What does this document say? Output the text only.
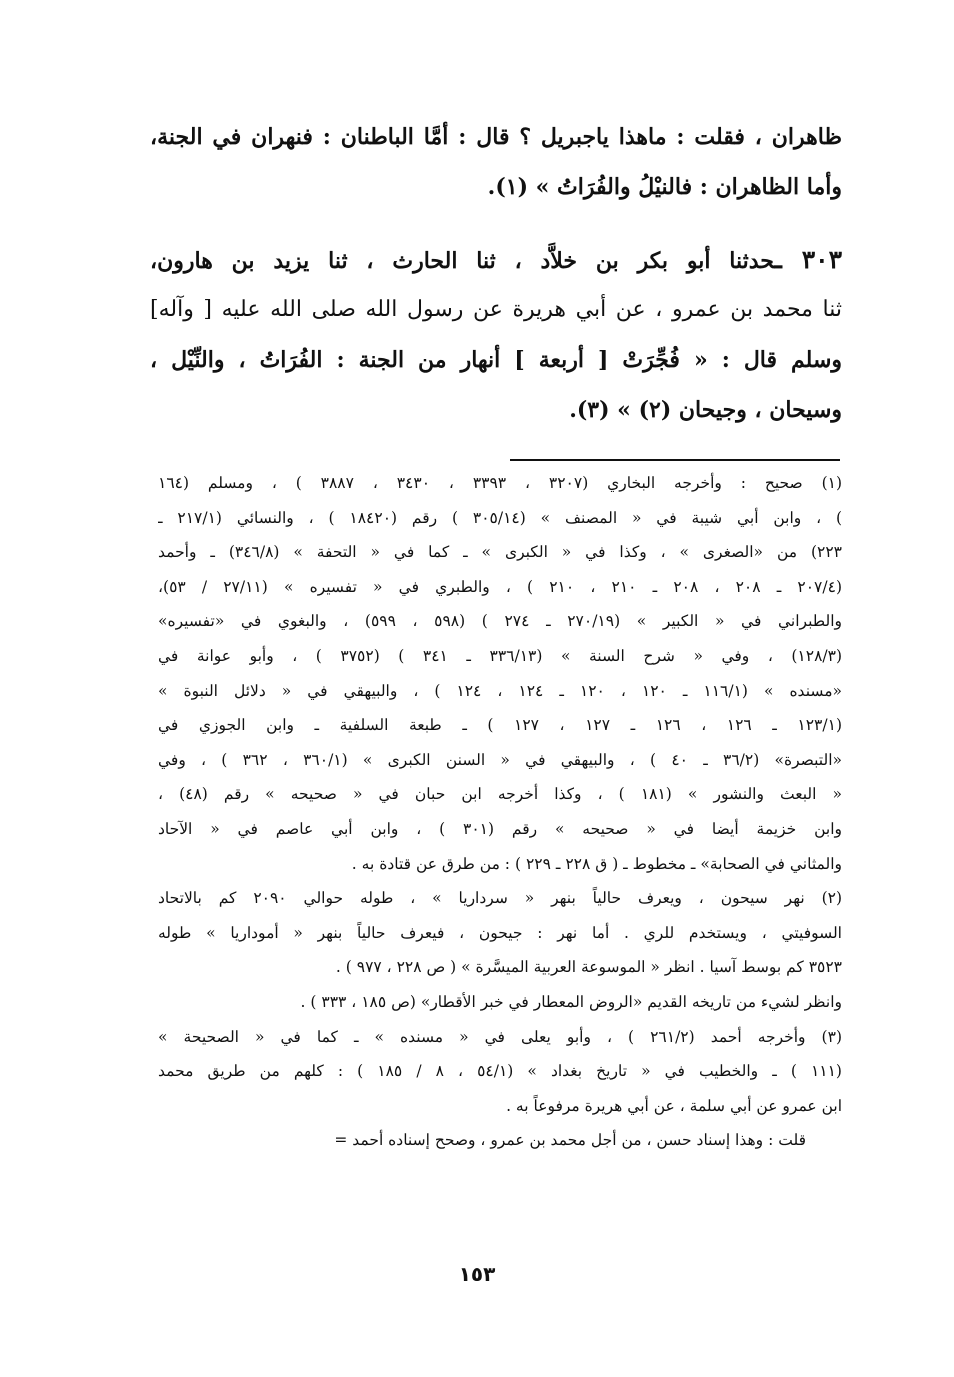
ظاهران ، فقلت : ماهذا ياجبريل ؟ قال : أمَّا الباطنان : فنهران في الجنة،
وأما الظاهران : فالنيْلُ والفُرَاتُ » (١).
٣٠٣ ـحدثنا أبو بكر بن خلاَّد ، ثنا الحارث ، ثنا يزيد بن هارون،
ثنا محمد بن عمرو ، عن أبي هريرة عن رسول الله صلى الله عليه [ وآله]
وسلم قال : « فُجِّرَتْ [ أربعة ] أنهار من الجنة : الفُرَاتُ ، والنِّيْل ،
وسيحان ، وجيحان (٢) » (٣).
(١) صحيح : وأخرجه البخاري (٣٢٠٧ ، ٣٣٩٣ ، ٣٤٣٠ ، ٣٨٨٧ ) ، ومسلم (١٦٤
) ، وابن أبي شيبة في « المصنف » (٣٠٥/١٤ ) رقم (١٨٤٢٠ ) ، والنسائي (٢١٧/١ ـ
٢٢٣) من «الصغرى » ، وكذا في « الكبرى » ـ كما في « التحفة » (٣٤٦/٨) ـ وأحمد
(٢٠٧/٤ ـ ٢٠٨ ، ٢٠٨ ـ ٢١٠ ، ٢١٠ ) ، والطبري في « تفسيره » (٢٧/١١ / ٥٣)،
والطبراني في « الكبير » (٢٧٠/١٩ ـ ٢٧٤ ) (٥٩٨ ، ٥٩٩) ، والبغوي في «تفسيره»
(١٢٨/٣) ، وفي « شرح السنة » (٣٣٦/١٣ ـ ٣٤١ ) (٣٧٥٢ ) ، وأبو عوانة في
«مسنده » (١١٦/١ ـ ١٢٠ ، ١٢٠ ـ ١٢٤ ، ١٢٤ ) ، والبيهقي في « دلائل النبوة »
(١٢٣/١ ـ ١٢٦ ، ١٢٦ ـ ١٢٧ ، ١٢٧ ) ـ طبعة السلفية ـ وابن الجوزي في
«التبصرة» (٣٦/٢ ـ ٤٠ ) ، والبيهقي في « السنن الكبرى » (٣٦٠/١ ، ٣٦٢ ) ، وفي
« البعث والنشور » (١٨١ ) ، وكذا أخرجه ابن حبان في « صحيحه » رقم (٤٨) ،
وابن خزيمة أيضا في « صحيحه » رقم (٣٠١ ) ، وابن أبي عاصم في « الآحاد
والمثاني في الصحابة» ـ مخطوط ـ ( ق ٢٢٨ ـ ٢٢٩ ) : من طرق عن قتادة به .
(٢) نهر سيحون ، ويعرف حالياً بنهر « سرداريا » ، طوله حوالي ٢٠٩٠ كم بالاتحاد
السوفيتي ، ويستخدم للري . أما نهر : جيحون ، فيعرف حالياً بنهر « أموداريا » طوله
٣٥٢٣ كم بوسط آسيا . انظر « الموسوعة العربية الميسَّرة » ( ص ٢٢٨ ، ٩٧٧ ) .
وانظر لشيء من تاريخه القديم «الروض المعطار في خبر الأقطار» (ص ١٨٥ ، ٣٣٣ ) .
(٣) وأخرجه أحمد (٢٦١/٢ ) ، وأبو يعلى في « مسنده » ـ كما في « الصحيحة »
(١١١ ) ـ والخطيب في « تاريخ بغداد » (٥٤/١ ، ٨ / ١٨٥ ) : كلهم من طريق محمد
ابن عمرو عن أبي سلمة ، عن أبي هريرة مرفوعاً به .
قلت : وهذا إسناد حسن ، من أجل محمد بن عمرو ، وصحح إسناده أحمد =
١٥٣
